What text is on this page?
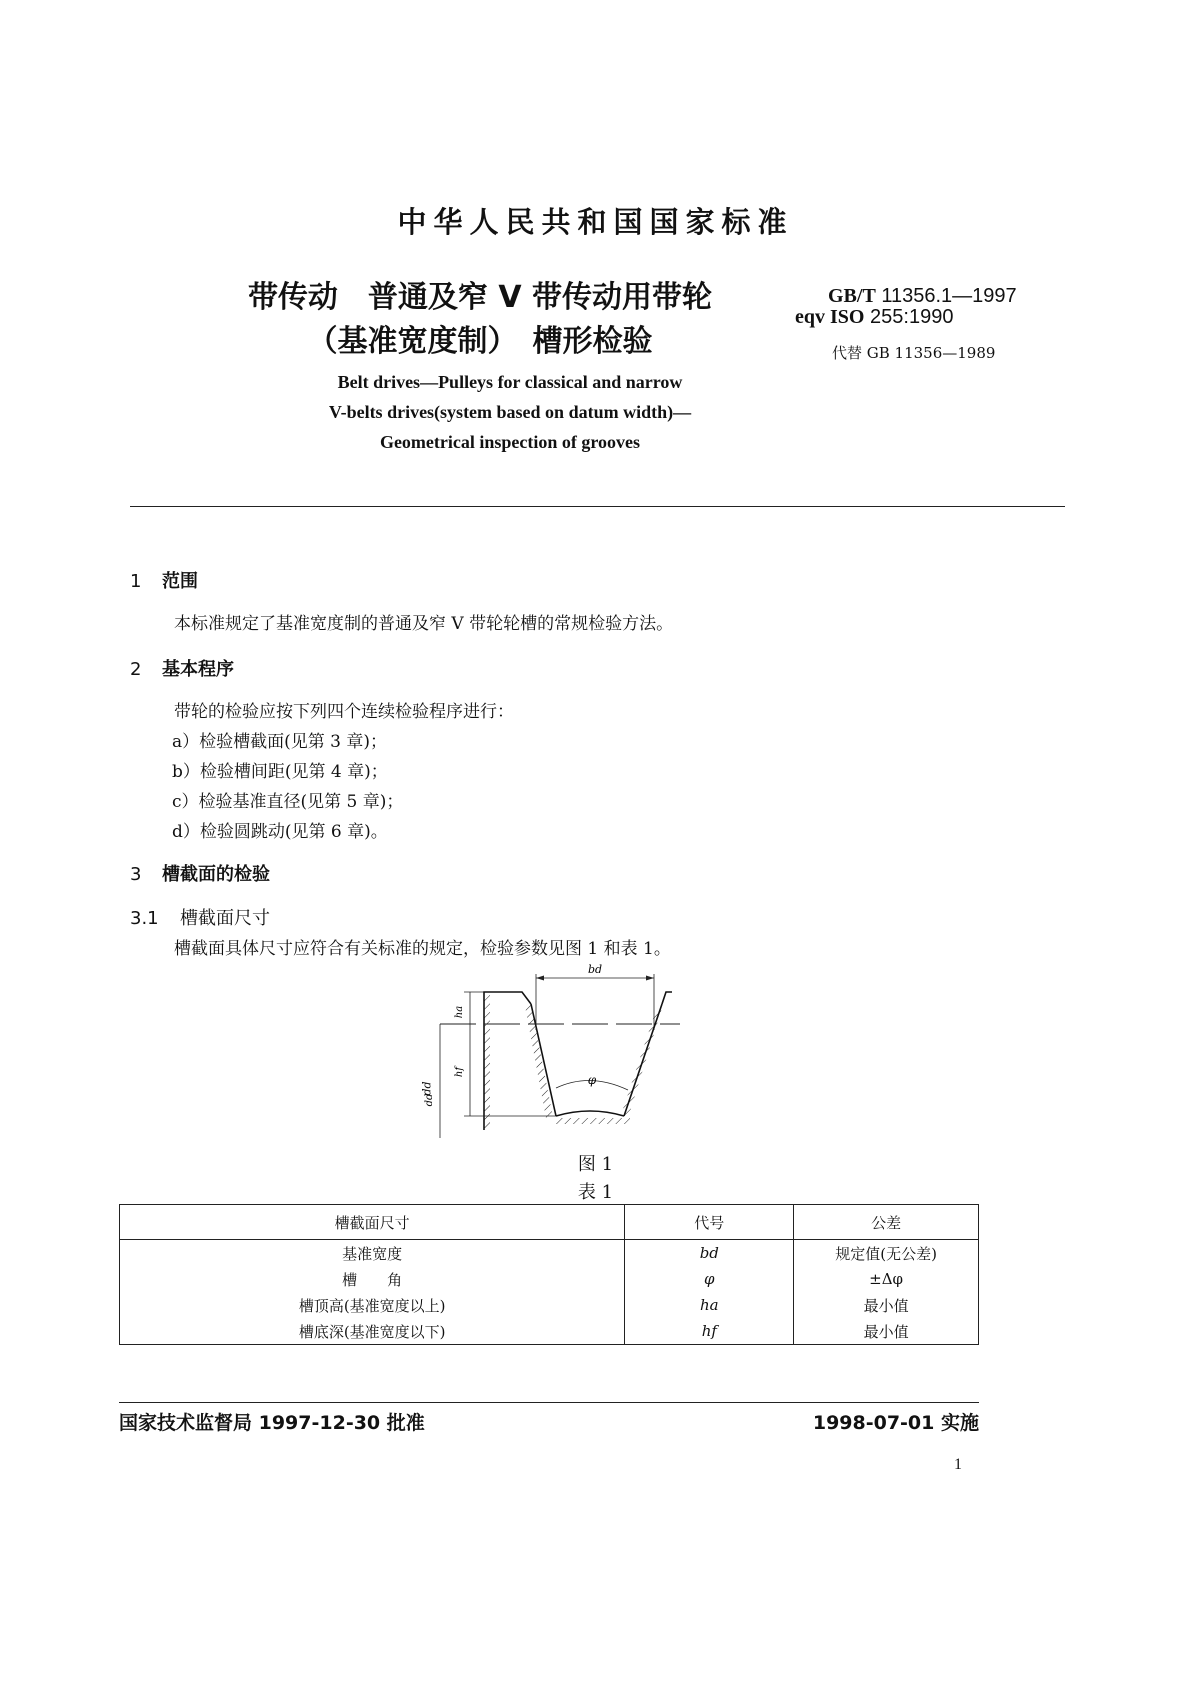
中华人民共和国国家标准
带传动　普通及窄 V 带传动用带轮
（基准宽度制）　槽形检验
GB/T 11356.1—1997
eqv ISO 255:1990
代替 GB 11356—1989
Belt drives—Pulleys for classical and narrow
V-belts drives(system based on datum width)—
Geometrical inspection of grooves
1 范围
本标准规定了基准宽度制的普通及窄 V 带轮轮槽的常规检验方法。
2 基本程序
带轮的检验应按下列四个连续检验程序进行：
a）检验槽截面(见第 3 章)；
b）检验槽间距(见第 4 章)；
c）检验基准直径(见第 5 章)；
d）检验圆跳动(见第 6 章)。
3 槽截面的检验
3.1 槽截面尺寸
槽截面具体尺寸应符合有关标准的规定，检验参数见图 1 和表 1。
bd
ha
hf
dd
φ
dd
图 1
表 1
槽截面尺寸	代号	公差
基准宽度	bd	规定值(无公差)
槽　　角	φ	±Δφ
槽顶高(基准宽度以上)	ha	最小值
槽底深(基准宽度以下)	hf	最小值
国家技术监督局 1997-12-30 批准	1998-07-01 实施
1
